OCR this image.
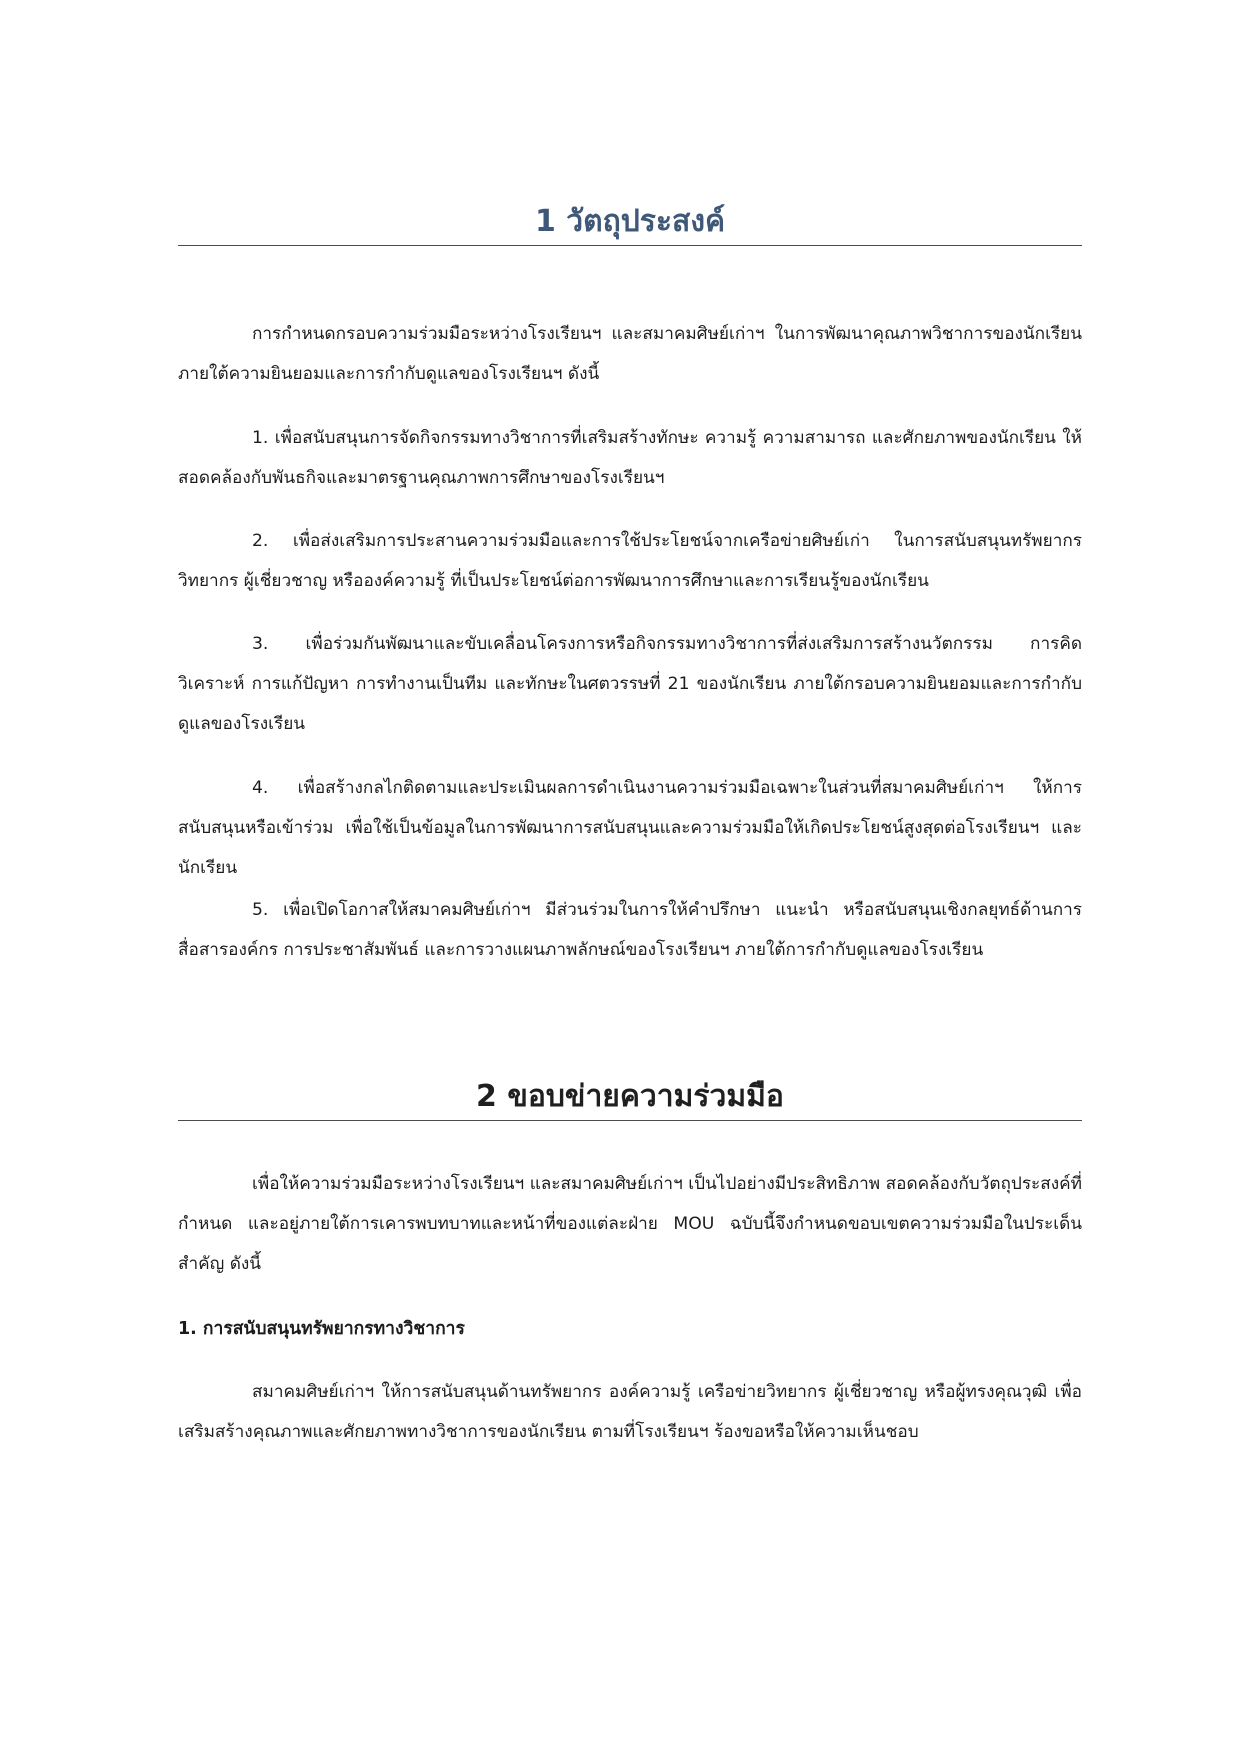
1 วัตถุประสงค์

การกำหนดกรอบความร่วมมือระหว่างโรงเรียนฯ และสมาคมศิษย์เก่าฯ ในการพัฒนาคุณภาพวิชาการของนักเรียน ภายใต้ความยินยอมและการกำกับดูแลของโรงเรียนฯ ดังนี้

1. เพื่อสนับสนุนการจัดกิจกรรมทางวิชาการที่เสริมสร้างทักษะ ความรู้ ความสามารถ และศักยภาพของนักเรียน ให้สอดคล้องกับพันธกิจและมาตรฐานคุณภาพการศึกษาของโรงเรียนฯ

2. เพื่อส่งเสริมการประสานความร่วมมือและการใช้ประโยชน์จากเครือข่ายศิษย์เก่า ในการสนับสนุนทรัพยากร วิทยากร ผู้เชี่ยวชาญ หรือองค์ความรู้ ที่เป็นประโยชน์ต่อการพัฒนาการศึกษาและการเรียนรู้ของนักเรียน

3. เพื่อร่วมกันพัฒนาและขับเคลื่อนโครงการหรือกิจกรรมทางวิชาการที่ส่งเสริมการสร้างนวัตกรรม การคิดวิเคราะห์ การแก้ปัญหา การทำงานเป็นทีม และทักษะในศตวรรษที่ 21 ของนักเรียน ภายใต้กรอบความยินยอมและการกำกับดูแลของโรงเรียน

4. เพื่อสร้างกลไกติดตามและประเมินผลการดำเนินงานความร่วมมือเฉพาะในส่วนที่สมาคมศิษย์เก่าฯ ให้การสนับสนุนหรือเข้าร่วม เพื่อใช้เป็นข้อมูลในการพัฒนาการสนับสนุนและความร่วมมือให้เกิดประโยชน์สูงสุดต่อโรงเรียนฯ และนักเรียน

5. เพื่อเปิดโอกาสให้สมาคมศิษย์เก่าฯ มีส่วนร่วมในการให้คำปรึกษา แนะนำ หรือสนับสนุนเชิงกลยุทธ์ด้านการสื่อสารองค์กร การประชาสัมพันธ์ และการวางแผนภาพลักษณ์ของโรงเรียนฯ ภายใต้การกำกับดูแลของโรงเรียน

2 ขอบข่ายความร่วมมือ

เพื่อให้ความร่วมมือระหว่างโรงเรียนฯ และสมาคมศิษย์เก่าฯ เป็นไปอย่างมีประสิทธิภาพ สอดคล้องกับวัตถุประสงค์ที่กำหนด และอยู่ภายใต้การเคารพบทบาทและหน้าที่ของแต่ละฝ่าย MOU ฉบับนี้จึงกำหนดขอบเขตความร่วมมือในประเด็นสำคัญ ดังนี้

1. การสนับสนุนทรัพยากรทางวิชาการ

สมาคมศิษย์เก่าฯ ให้การสนับสนุนด้านทรัพยากร องค์ความรู้ เครือข่ายวิทยากร ผู้เชี่ยวชาญ หรือผู้ทรงคุณวุฒิ เพื่อเสริมสร้างคุณภาพและศักยภาพทางวิชาการของนักเรียน ตามที่โรงเรียนฯ ร้องขอหรือให้ความเห็นชอบ
